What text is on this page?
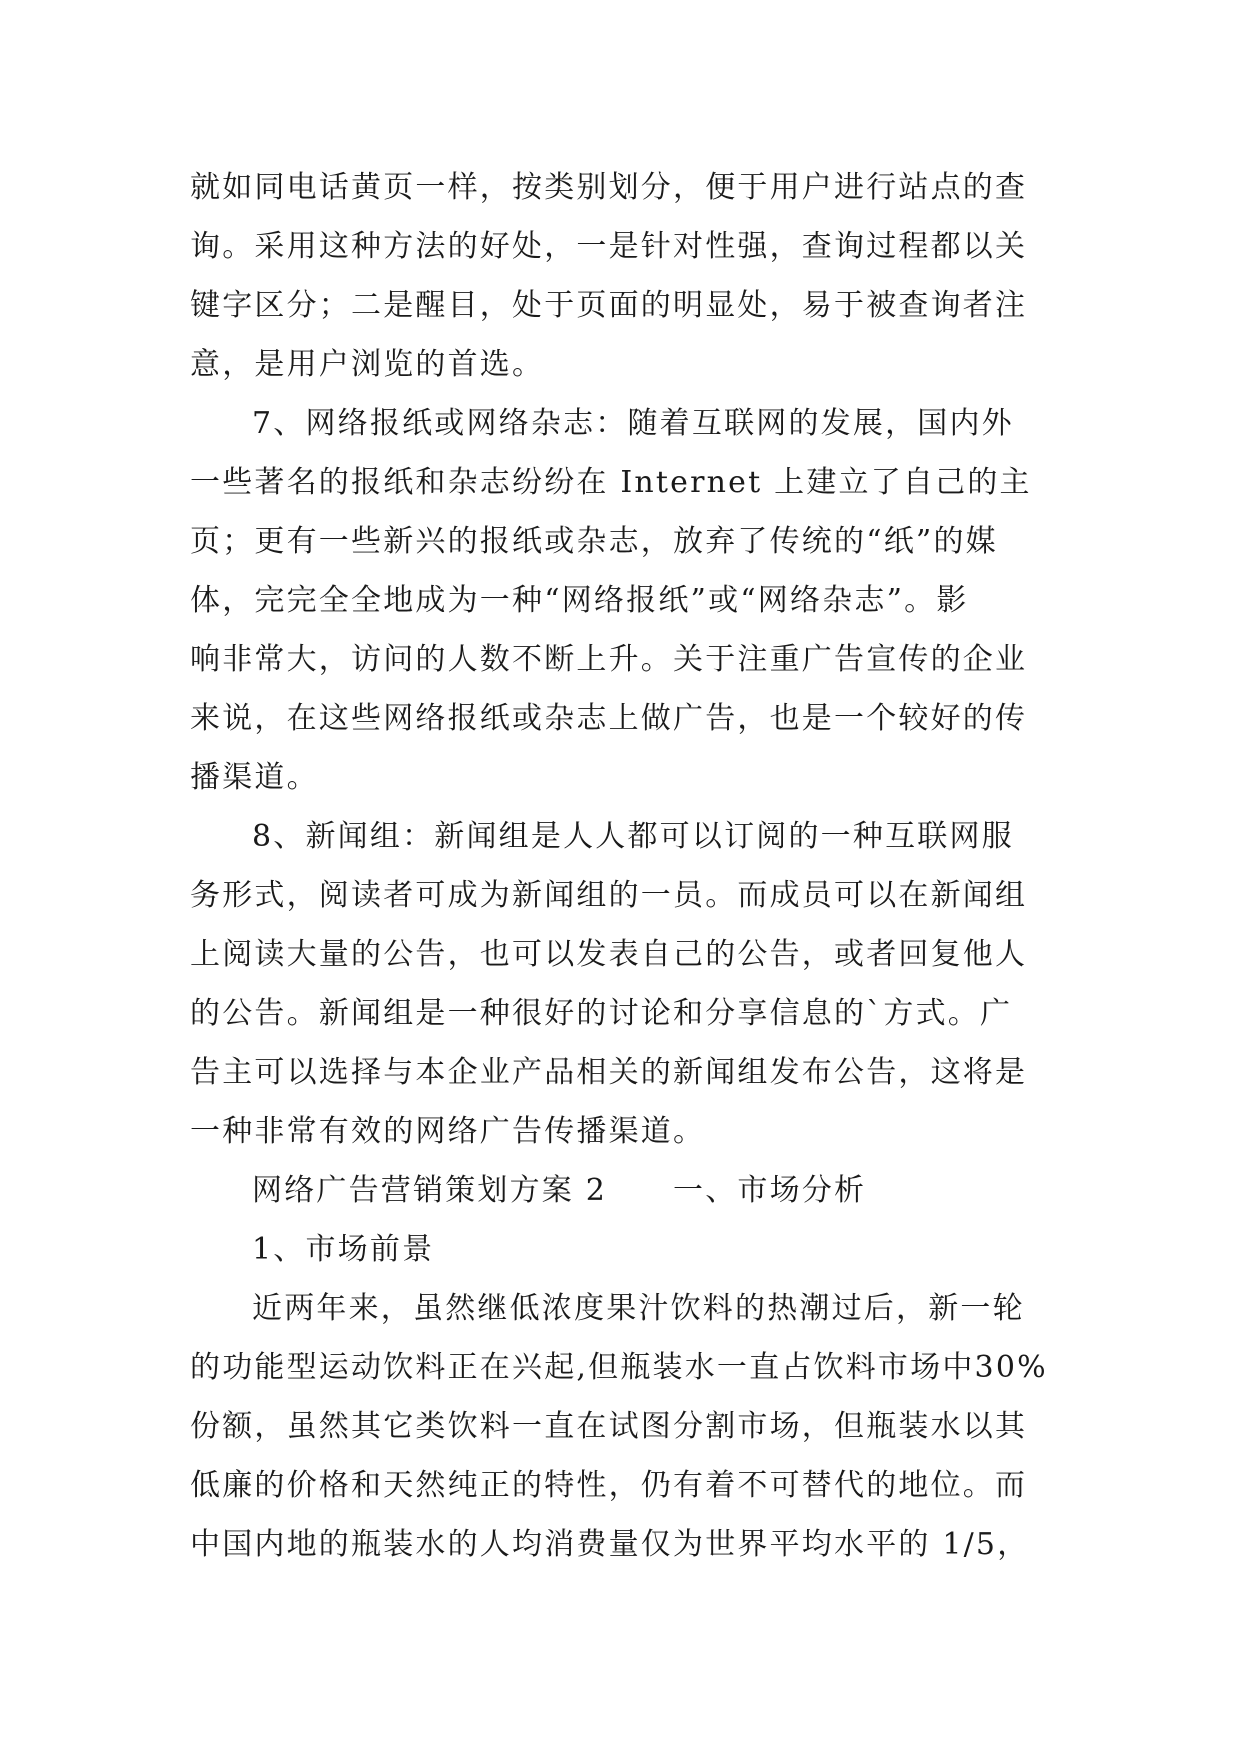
就如同电话黄页一样，按类别划分，便于用户进行站点的查
询。采用这种方法的好处，一是针对性强，查询过程都以关
键字区分；二是醒目，处于页面的明显处，易于被查询者注
意，是用户浏览的首选。
7、网络报纸或网络杂志：随着互联网的发展，国内外
一些著名的报纸和杂志纷纷在 Internet 上建立了自己的主
页；更有一些新兴的报纸或杂志，放弃了传统的“纸”的媒
体，完完全全地成为一种“网络报纸”或“网络杂志”。影
响非常大，访问的人数不断上升。关于注重广告宣传的企业
来说，在这些网络报纸或杂志上做广告，也是一个较好的传
播渠道。
8、新闻组：新闻组是人人都可以订阅的一种互联网服
务形式，阅读者可成为新闻组的一员。而成员可以在新闻组
上阅读大量的公告，也可以发表自己的公告，或者回复他人
的公告。新闻组是一种很好的讨论和分享信息的`方式。广
告主可以选择与本企业产品相关的新闻组发布公告，这将是
一种非常有效的网络广告传播渠道。
网络广告营销策划方案 2 一、市场分析
1、市场前景
近两年来，虽然继低浓度果汁饮料的热潮过后，新一轮
的功能型运动饮料正在兴起,但瓶装水一直占饮料市场中30%
份额，虽然其它类饮料一直在试图分割市场，但瓶装水以其
低廉的价格和天然纯正的特性，仍有着不可替代的地位。而
中国内地的瓶装水的人均消费量仅为世界平均水平的 1/5，
